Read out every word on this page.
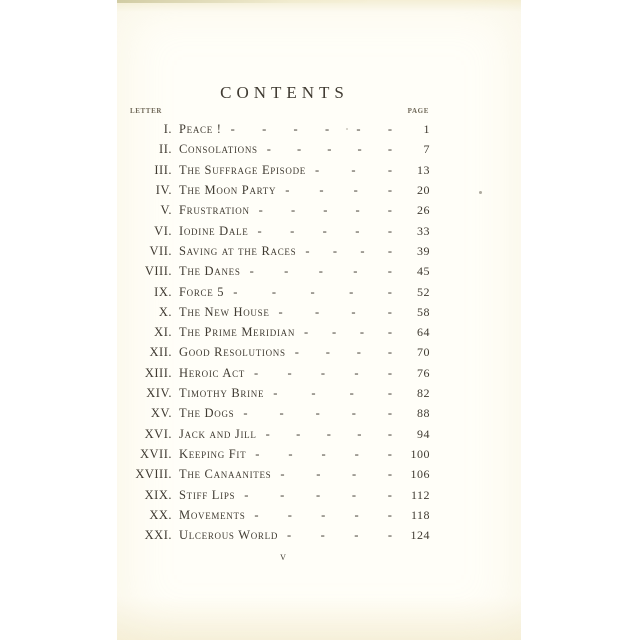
CONTENTS
LETTER	PAGE
I. Peace ! - - - - - -	1
II. Consolations - - - - -	7
III. The Suffrage Episode -	-	-	13
IV. The Moon Party - - - -	20
V. Frustration - - - - -	26
VI. Iodine Dale - - - - -	33
VII. Saving at the Races - - - -	39
VIII. The Danes - - - - -	45
IX. Force 5 -	-	-	-	-	52
X. The New House -	-	-	-	58
XI. The Prime Meridian - - - -	64
XII. Good Resolutions - - - -	70
XIII. Heroic Act - - - - -	76
XIV. Timothy Brine -	-	-	-	82
XV. The Dogs -	-	-	-	-	88
XVI. Jack and Jill - - - - -	94
XVII. Keeping Fit - - - - -	100
XVIII. The Canaanites -	-	-	-	106
XIX. Stiff Lips -	-	-	-	-	112
XX. Movements - - - - -	118
XXI. Ulcerous World - - - -	124
v
